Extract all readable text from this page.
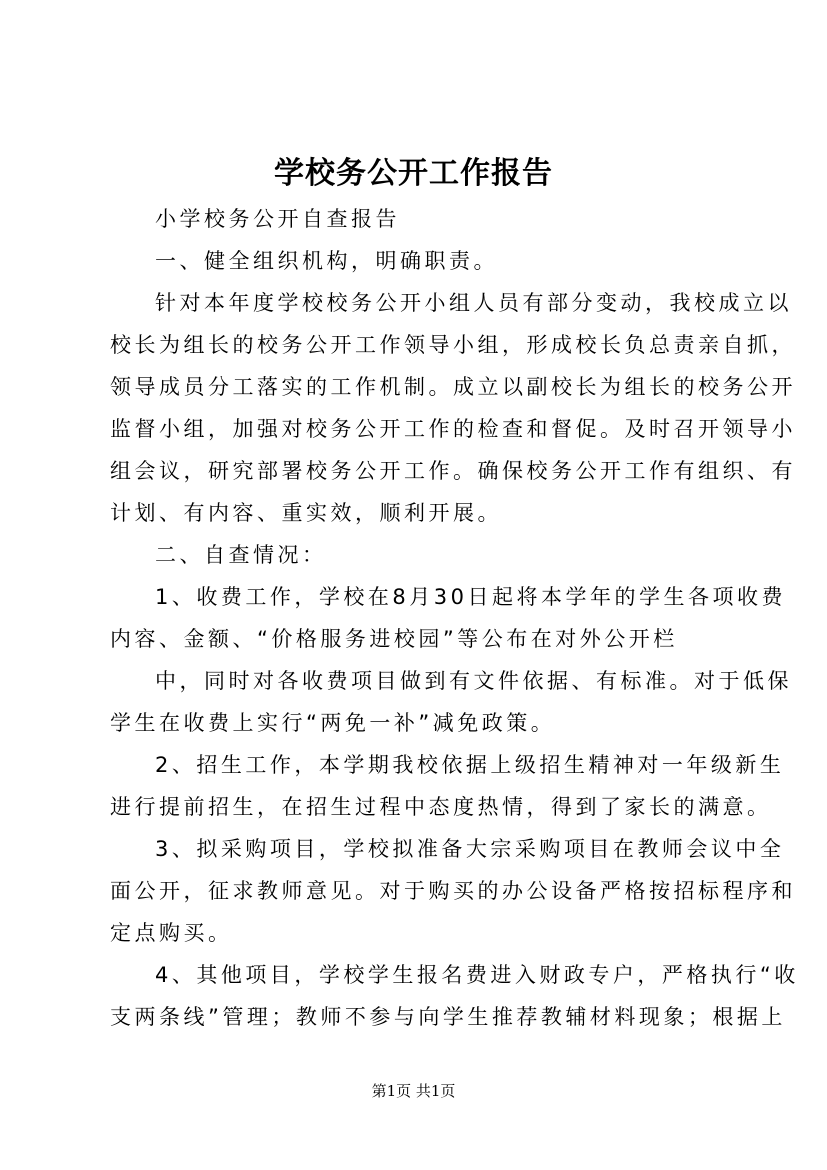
学校务公开工作报告
小学校务公开自查报告
一、健全组织机构，明确职责。
针对本年度学校校务公开小组人员有部分变动，我校成立以
校长为组长的校务公开工作领导小组，形成校长负总责亲自抓，
领导成员分工落实的工作机制。成立以副校长为组长的校务公开
监督小组，加强对校务公开工作的检查和督促。及时召开领导小
组会议，研究部署校务公开工作。确保校务公开工作有组织、有
计划、有内容、重实效，顺利开展。
二、自查情况：
1、收费工作，学校在8月30日起将本学年的学生各项收费
内容、金额、“价格服务进校园”等公布在对外公开栏
中，同时对各收费项目做到有文件依据、有标准。对于低保
学生在收费上实行“两免一补”减免政策。
2、招生工作，本学期我校依据上级招生精神对一年级新生
进行提前招生，在招生过程中态度热情，得到了家长的满意。
3、拟采购项目，学校拟准备大宗采购项目在教师会议中全
面公开，征求教师意见。对于购买的办公设备严格按招标程序和
定点购买。
4、其他项目，学校学生报名费进入财政专户，严格执行“收
支两条线”管理；教师不参与向学生推荐教辅材料现象；根据上
第1页 共1页
